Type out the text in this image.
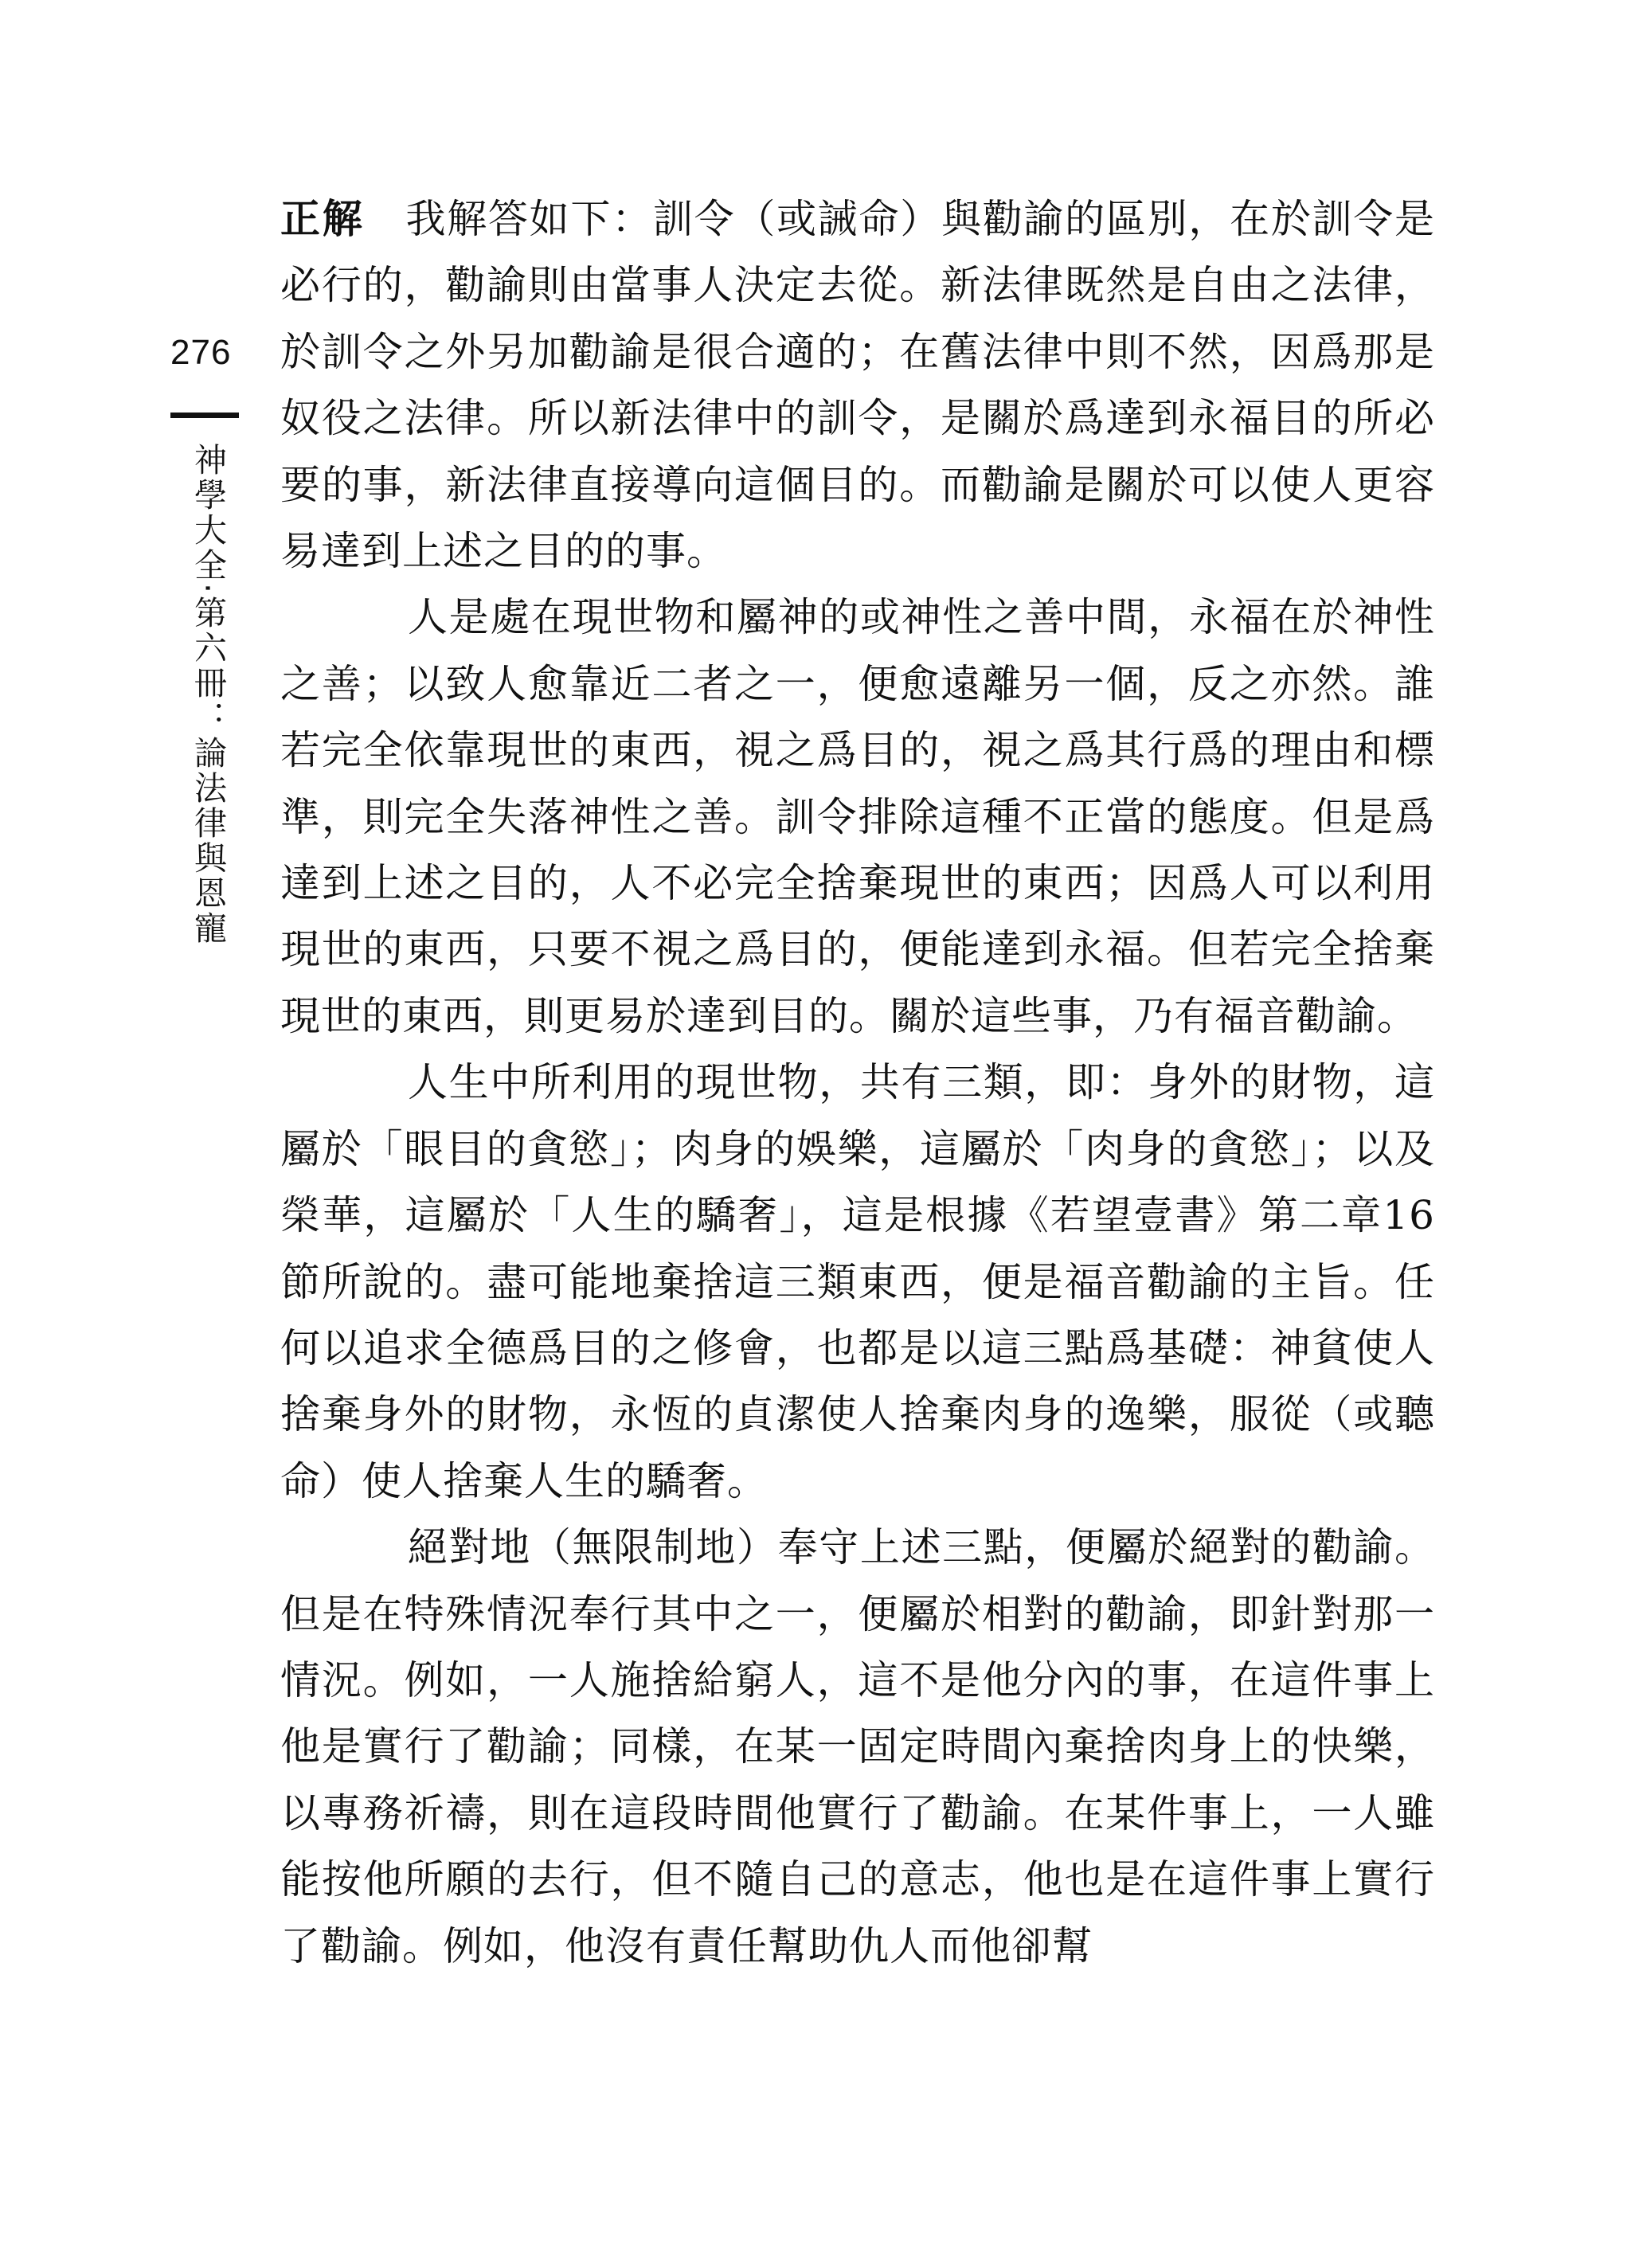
276
神學大全·第六冊：論法律與恩寵

正解 我解答如下：訓令（或誡命）與勸諭的區別，在於訓令是必行的，勸諭則由當事人決定去從。新法律既然是自由之法律，於訓令之外另加勸諭是很合適的；在舊法律中則不然，因爲那是奴役之法律。所以新法律中的訓令，是關於爲達到永福目的所必要的事，新法律直接導向這個目的。而勸諭是關於可以使人更容易達到上述之目的的事。

人是處在現世物和屬神的或神性之善中間，永福在於神性之善；以致人愈靠近二者之一，便愈遠離另一個，反之亦然。誰若完全依靠現世的東西，視之爲目的，視之爲其行爲的理由和標準，則完全失落神性之善。訓令排除這種不正當的態度。但是爲達到上述之目的，人不必完全捨棄現世的東西；因爲人可以利用現世的東西，只要不視之爲目的，便能達到永福。但若完全捨棄現世的東西，則更易於達到目的。關於這些事，乃有福音勸諭。

人生中所利用的現世物，共有三類，即：身外的財物，這屬於「眼目的貪慾」；肉身的娛樂，這屬於「肉身的貪慾」；以及榮華，這屬於「人生的驕奢」，這是根據《若望壹書》第二章16節所說的。盡可能地棄捨這三類東西，便是福音勸諭的主旨。任何以追求全德爲目的之修會，也都是以這三點爲基礎：神貧使人捨棄身外的財物，永恆的貞潔使人捨棄肉身的逸樂，服從（或聽命）使人捨棄人生的驕奢。

絕對地（無限制地）奉守上述三點，便屬於絕對的勸諭。但是在特殊情況奉行其中之一，便屬於相對的勸諭，即針對那一情況。例如，一人施捨給窮人，這不是他分內的事，在這件事上他是實行了勸諭；同樣，在某一固定時間內棄捨肉身上的快樂，以專務祈禱，則在這段時間他實行了勸諭。在某件事上，一人雖能按他所願的去行，但不隨自己的意志，他也是在這件事上實行了勸諭。例如，他沒有責任幫助仇人而他卻幫
